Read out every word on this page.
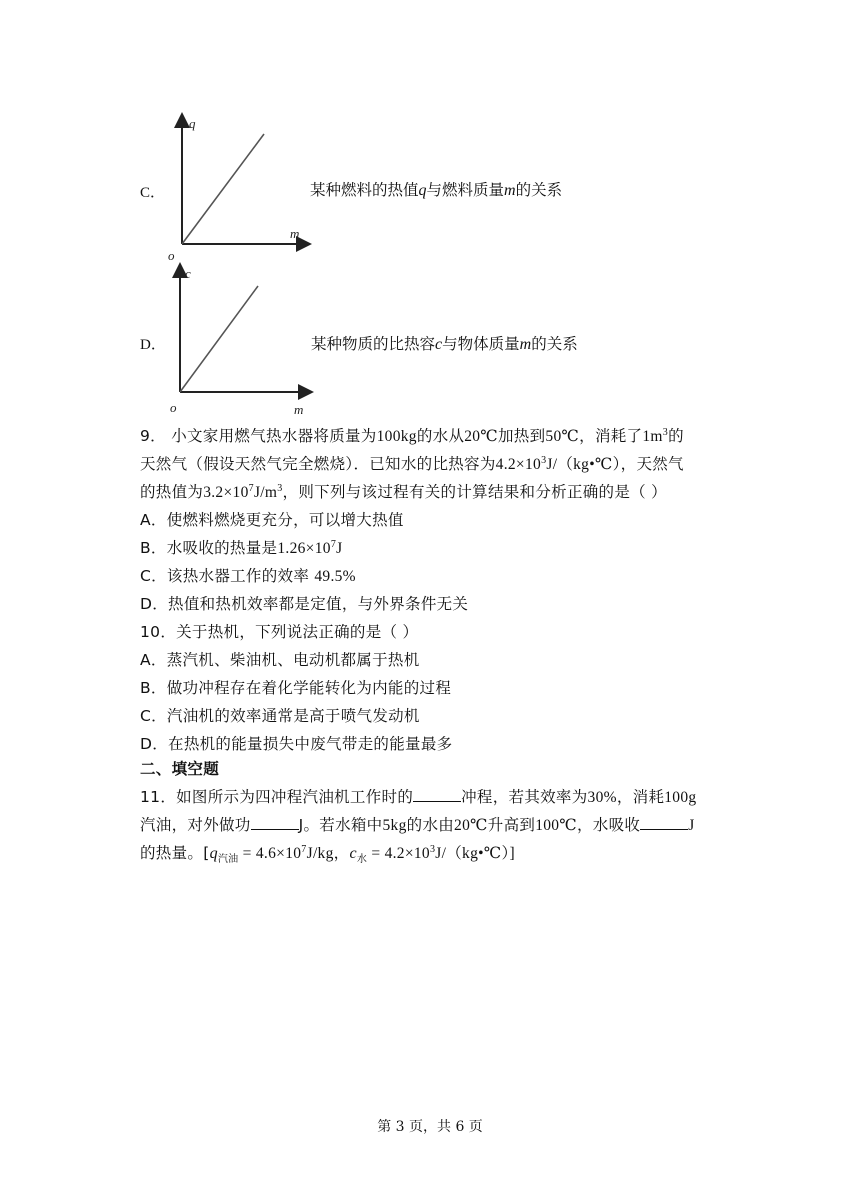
C．
q
m
o
某种燃料的热值q与燃料质量m的关系
D．
c
m
o
某种物质的比热容c与物体质量m的关系
9． 小文家用燃气热水器将质量为100kg的水从20℃加热到50℃，消耗了$1m^3$的
天然气（假设天然气完全燃烧）．已知水的比热容为$4.2\times 10^3J/(kg•℃)$，天然气
的热值为$3.2\times 10^7J/m^3$，则下列与该过程有关的计算结果和分析正确的是（ ）
A．使燃料燃烧更充分，可以增大热值
B．水吸收的热量是$1.26\times 10^7J$
C．该热水器工作的效率 49.5%
D．热值和热机效率都是定值，与外界条件无关
10．关于热机，下列说法正确的是（ ）
A．蒸汽机、柴油机、电动机都属于热机
B．做功冲程存在着化学能转化为内能的过程
C．汽油机的效率通常是高于喷气发动机
D．在热机的能量损失中废气带走的能量最多
二、填空题
11．如图所示为四冲程汽油机工作时的	冲程，若其效率为30%，消耗100g
汽油，对外做功	J。若水箱中5kg的水由20℃升高到100℃，水吸收	J
的热量。[$q_{汽油} = 4.6\times 10^7J/kg$，$c_水$ = $4.2\times 10^3J/(kg•℃)$]
第 3 页，共 6 页
